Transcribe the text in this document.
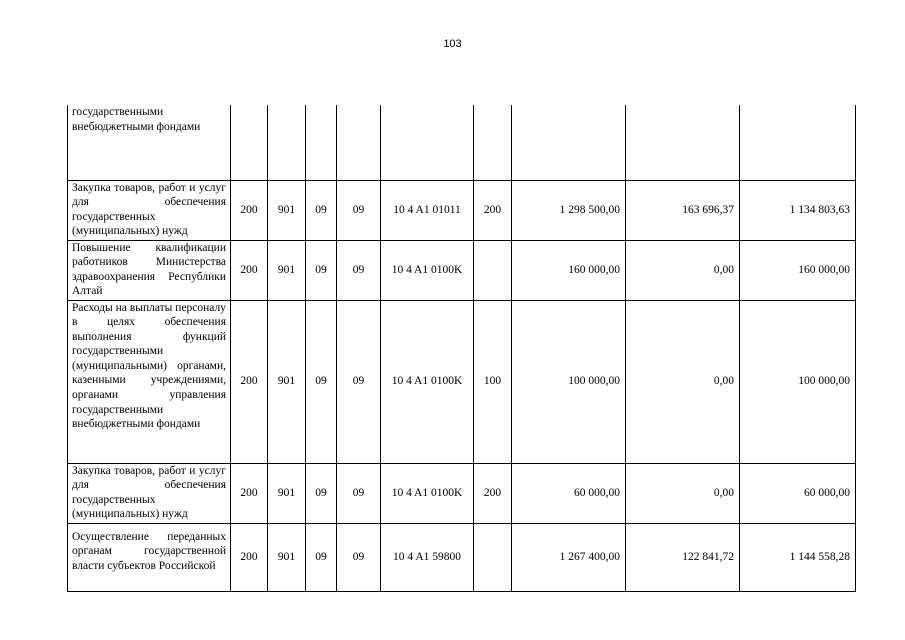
103
государственными внебюджетными фондами									

Закупка товаров, работ и услуг для обеспечения государственных (муниципальных) нужд	200	901	09	09	10 4 A1 01011	200	1 298 500,00	163 696,37	1 134 803,63

Повышение квалификации работников Министерства здравоохранения Республики Алтай	200	901	09	09	10 4 A1 0100K		160 000,00	0,00	160 000,00

Расходы на выплаты персоналу в целях обеспечения выполнения функций государственными (муниципальными) органами, казенными учреждениями, органами управления государственными внебюджетными фондами	200	901	09	09	10 4 A1 0100K	100	100 000,00	0,00	100 000,00

Закупка товаров, работ и услуг для обеспечения государственных (муниципальных) нужд	200	901	09	09	10 4 A1 0100K	200	60 000,00	0,00	60 000,00

Осуществление переданных органам государственной власти субъектов Российской	200	901	09	09	10 4 A1 59800		1 267 400,00	122 841,72	1 144 558,28
